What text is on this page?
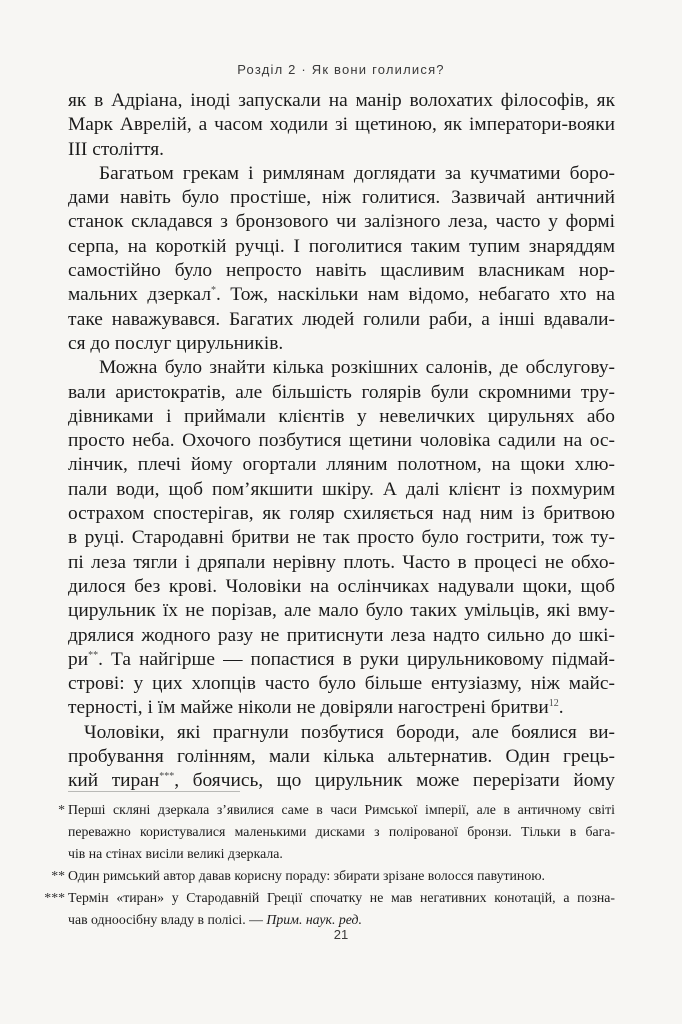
Розділ 2 · Як вони голилися?
як в Адріана, іноді запускали на манір волохатих філософів, як
Марк Аврелій, а часом ходили зі щетиною, як імператори-вояки
III століття.
Багатьом грекам і римлянам доглядати за кучматими боро-
дами навіть було простіше, ніж голитися. Зазвичай античний
станок складався з бронзового чи залізного леза, часто у формі
серпа, на короткій ручці. І поголитися таким тупим знаряддям
самостійно було непросто навіть щасливим власникам нор-
мальних дзеркал*. Тож, наскільки нам відомо, небагато хто на
таке наважувався. Багатих людей голили раби, а інші вдавали-
ся до послуг цирульників.
Можна було знайти кілька розкішних салонів, де обслугову-
вали аристократів, але більшість голярів були скромними тру-
дівниками і приймали клієнтів у невеличких цирульнях або
просто неба. Охочого позбутися щетини чоловіка садили на ос-
лінчик, плечі йому огортали лляним полотном, на щоки хлю-
пали води, щоб пом’якшити шкіру. А далі клієнт із похмурим
острахом спостерігав, як голяр схиляється над ним із бритвою
в руці. Стародавні бритви не так просто було гострити, тож ту-
пі леза тягли і дряпали нерівну плоть. Часто в процесі не обхо-
дилося без крові. Чоловіки на ослінчиках надували щоки, щоб
цирульник їх не порізав, але мало було таких умільців, які вму-
дрялися жодного разу не притиснути леза надто сильно до шкі-
ри**. Та найгірше — попастися в руки цирульниковому підмай-
строві: у цих хлопців часто було більше ентузіазму, ніж майс-
терності, і їм майже ніколи не довіряли нагострені бритви$^{12}$.
Чоловіки, які прагнули позбутися бороди, але боялися ви-
пробування голінням, мали кілька альтернатив. Один грець-
кий тиран***, боячись, що цирульник може перерізати йому
* Перші скляні дзеркала з’явилися саме в часи Римської імперії, але в античному світі
переважно користувалися маленькими дисками з полірованої бронзи. Тільки в бага-
чів на стінах висіли великі дзеркала.
** Один римський автор давав корисну пораду: збирати зрізане волосся павутиною.
*** Термін «тиран» у Стародавній Греції спочатку не мав негативних конотацій, а позна-
чав одноосібну владу в полісі. — Прим. наук. ред.
21
